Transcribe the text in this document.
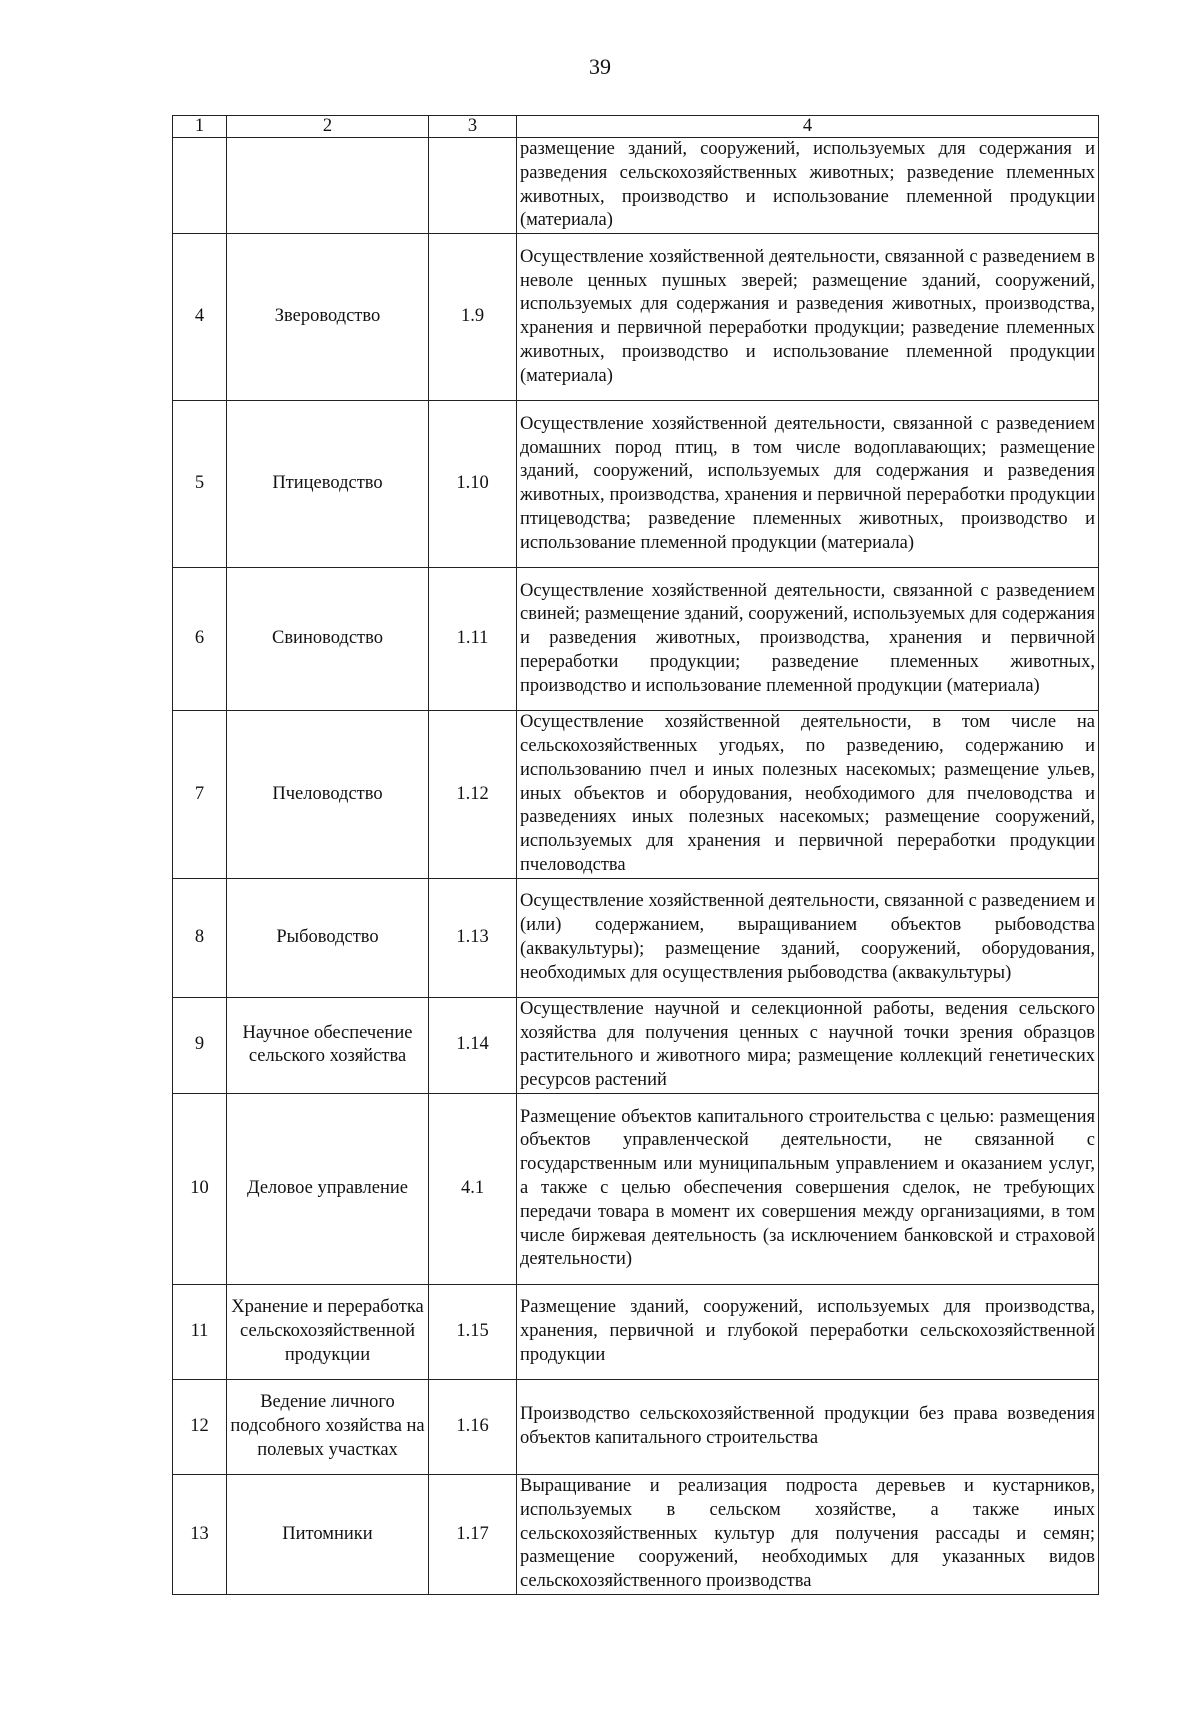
39
1	2	3	4
			размещение зданий, сооружений, используемых для содержания и разведения сельскохозяйственных животных; разведение племенных животных, производство и использование племенной продукции (материала)
4	Звероводство	1.9	Осуществление хозяйственной деятельности, связанной с разведением в неволе ценных пушных зверей; размещение зданий, сооружений, используемых для содержания и разведения животных, производства, хранения и первичной переработки продукции; разведение племенных животных, производство и использование племенной продукции (материала)
5	Птицеводство	1.10	Осуществление хозяйственной деятельности, связанной с разведением домашних пород птиц, в том числе водоплавающих; размещение зданий, сооружений, используемых для содержания и разведения животных, производства, хранения и первичной переработки продукции птицеводства; разведение племенных животных, производство и использование племенной продукции (материала)
6	Свиноводство	1.11	Осуществление хозяйственной деятельности, связанной с разведением свиней; размещение зданий, сооружений, используемых для содержания и разведения животных, производства, хранения и первичной переработки продукции; разведение племенных животных, производство и использование племенной продукции (материала)
7	Пчеловодство	1.12	Осуществление хозяйственной деятельности, в том числе на сельскохозяйственных угодьях, по разведению, содержанию и использованию пчел и иных полезных насекомых; размещение ульев, иных объектов и оборудования, необходимого для пчеловодства и разведениях иных полезных насекомых; размещение сооружений, используемых для хранения и первичной переработки продукции пчеловодства
8	Рыбоводство	1.13	Осуществление хозяйственной деятельности, связанной с разведением и (или) содержанием, выращиванием объектов рыбоводства (аквакультуры); размещение зданий, сооружений, оборудования, необходимых для осуществления рыбоводства (аквакультуры)
9	Научное обеспечение сельского хозяйства	1.14	Осуществление научной и селекционной работы, ведения сельского хозяйства для получения ценных с научной точки зрения образцов растительного и животного мира; размещение коллекций генетических ресурсов растений
10	Деловое управление	4.1	Размещение объектов капитального строительства с целью: размещения объектов управленческой деятельности, не связанной с государственным или муниципальным управлением и оказанием услуг, а также с целью обеспечения совершения сделок, не требующих передачи товара в момент их совершения между организациями, в том числе биржевая деятельность (за исключением банковской и страховой деятельности)
11	Хранение и переработка сельскохозяйственной продукции	1.15	Размещение зданий, сооружений, используемых для производства, хранения, первичной и глубокой переработки сельскохозяйственной продукции
12	Ведение личного подсобного хозяйства на полевых участках	1.16	Производство сельскохозяйственной продукции без права возведения объектов капитального строительства
13	Питомники	1.17	Выращивание и реализация подроста деревьев и кустарников, используемых в сельском хозяйстве, а также иных сельскохозяйственных культур для получения рассады и семян; размещение сооружений, необходимых для указанных видов сельскохозяйственного производства
